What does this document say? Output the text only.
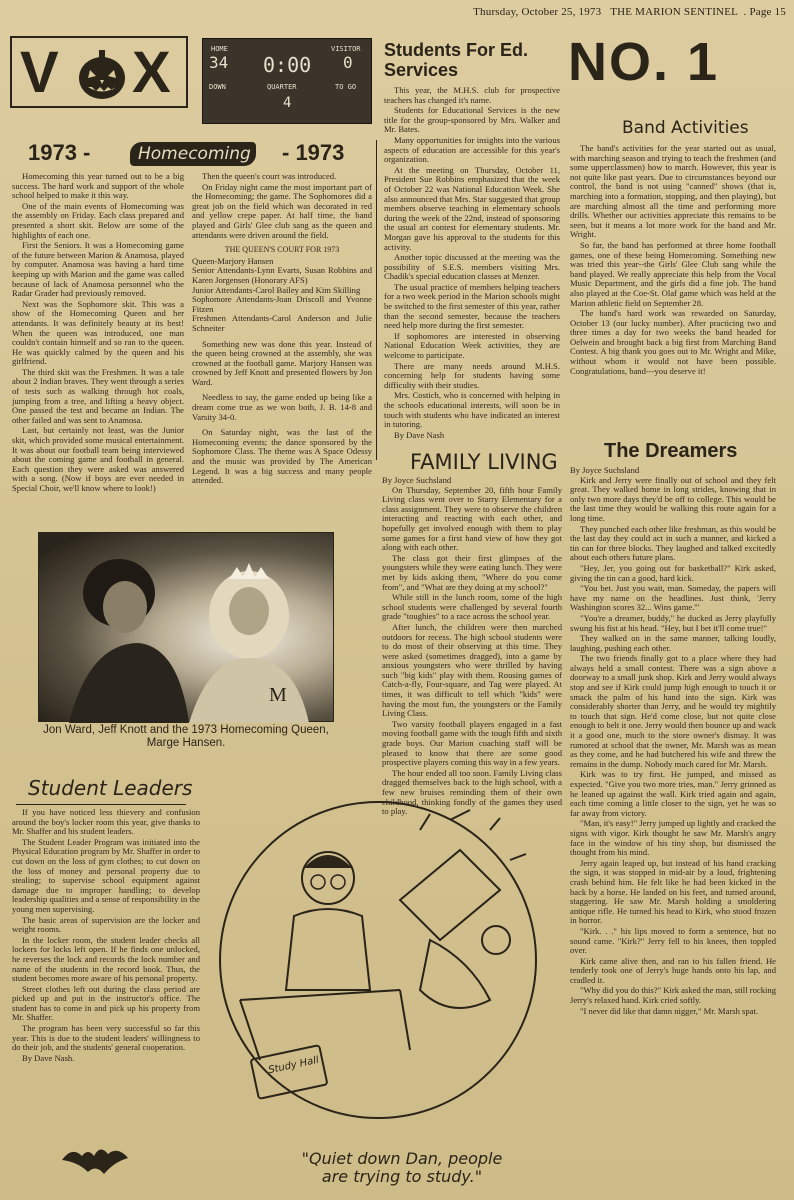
Thursday, October 25, 1973 THE MARION SENTINEL  . Page 15
V X	HOME
34 0:00
VISITOR
0
DOWN	QUARTER	TO GO
4
1973 -	Homecoming - 1973

Homecoming this year turned out to be a big success. The hard work and support of the whole school helped to make it this way.

One of the main events of Homecoming was the assembly on Friday. Each class prepared and presented a short skit. Below are some of the highlights of each one.

First the Seniors. It was a Homecoming game of the future between Marion & Anamosa, played by computer. Anamosa was having a hard time keeping up with Marion and the game was called because of lack of Anamosa personnel who the Radar Grader had previously removed.

Next was the Sophomore skit. This was a show of the Homecoming Queen and her attendants. It was definitely beauty at its best! When the queen was introduced, one man couldn't contain himself and so ran to the queen. He was quickly calmed by the queen and his girlfriend.

The third skit was the Freshmen. It was a tale about 2 Indian braves. They went through a series of tests such as walking through hot coals, jumping from a tree, and lifting a heavy object. One passed the test and became an Indian. The other failed and was sent to Anamosa.

Last, but certainly not least, was the Junior skit, which provided some musical entertainment. It was about our football team being interviewed about the coming game and football in general. Each question they were asked was answered with a song. (Now if boys are ever needed in Special Choir, we'll know where to look!)

Then the queen's court was introduced.

On Friday night came the most important part of the Homecoming; the game. The Sophomores did a great job on the field which was decorated in red and yellow crepe paper. At half time, the band played and Girls' Glee club sang as the queen and attendants were driven around the field.

THE QUEEN'S COURT FOR 1973
Queen-Marjory Hansen
Senior Attendants-Lynn Evarts, Susan Robbins and Karen Jorgensen (Honorary AFS)
Junior Attendants-Carol Bailey and Kim Skilling
Sophomore Attendants-Joan Driscoll and Yvonne Fitzen
Freshmen Attendants-Carol Anderson and Julie Schneiter

Something new was done this year. Instead of the queen being crowned at the assembly, she was crowned at the football game. Marjory Hansen was crowned by Jeff Knott and presented flowers by Jon Ward.

Needless to say, the game ended up being like a dream come true as we won both, J. B. 14-8 and Varsity 34-0.

On Saturday night, was the last of the Homecoming events; the dance sponsored by the Sophomore Class. The theme was A Space Odessy and the music was provided by The American Legend. It was a big success and many people attended.

M
Jon Ward, Jeff Knott and the 1973 Homecoming Queen, Marge Hansen.
Student Leaders

If you have noticed less thievery and confusion around the boy's locker room this year, give thanks to Mr. Shaffer and his student leaders.

The Student Leader Program was initiated into the Physical Education program by Mr. Shaffer in order to cut down on the loss of gym clothes; to cut down on the loss of money and personal property due to stealing; to supervise school equipment against damage due to improper handling; to develop leadership qualities and a sense of responsibility in the young men supervising.

The basic areas of supervision are the locker and weight rooms.

In the locker room, the student leader checks all lockers for locks left open. If he finds one unlocked, he reverses the lock and records the lock number and name of the students in the record book. Thus, the student becomes more aware of his personal property.

Street clothes left out during the class period are picked up and put in the instructor's office. The student has to come in and pick up his property from Mr. Shaffer.

The program has been very successful so far this year. This is due to the student leaders' willingness to do their job, and the students' general cooperation.

By Dave Nash.

Students For Ed. Services

This year, the M.H.S. club for prospective teachers has changed it's name.

Students for Educational Services is the new title for the group-sponsored by Mrs. Walker and Mr. Bates.

Many opportunities for insights into the various aspects of education are accessible for this year's organization.

At the meeting on Thursday, October 11, President Sue Robbins emphasized that the week of October 22 was National Education Week. She also announced that Mrs. Star suggested that group members observe teaching in elementary schools during the week of the 22nd, instead of sponsoring the usual art contest for elementary students. Mr. Morgan gave his approval to the students for this activity.

Another topic discussed at the meeting was the possibility of S.E.S. members visiting Mrs. Chadik's special education classes at Menzer.

The usual practice of members helping teachers for a two week period in the Marion schools might be switched to the first semester of this year, rather than the second semester, because the teachers need help more during the first semester.

If sophomores are interested in observing National Education Week activities, they are welcome to participate.

There are many needs around M.H.S. concerning help for students having some difficulty with their studies.

Mrs. Costich, who is concerned with helping in the schools educational interests, will soon be in touch with students who have indicated an interest in tutoring.

By Dave Nash

FAMILY LIVING
By Joyce Suchsland

On Thursday, September 20, fifth hour Family Living class went over to Starry Elementary for a class assignment. They were to observe the children interacting and reacting with each other, and hopefully get involved enough with them to play some games for a first hand view of how they got along with each other.

The class got their first glimpses of the youngsters while they were eating lunch. They were met by kids asking them, "Where do you come from", and "What are they doing at my school?"

While still in the lunch room, some of the high school students were challenged by several fourth grade "toughies" to a race across the school year.

After lunch, the children were then marched outdoors for recess. The high school students were to do most of their observing at this time. They were asked (sometimes dragged), into a game by anxious youngsters who were thrilled by having such "big kids" play with them. Rousing games of Catch-a-fly, Four-square, and Tag were played. At times, it was difficult to tell which "kids" were having the most fun, the youngsters or the Family Living Class.

Two varsity football players engaged in a fast moving football game with the tough fifth and sixth grade boys. Our Marion coaching staff will be pleased to know that there are some good prospective players coming this way in a few years.

The hour ended all too soon. Family Living class dragged themselves back to the high school, with a few new bruises reminding them of their own childhood, thinking fondly of the games they used to play.

Study Hall
"Quiet down Dan, people
are trying to study."
NO. 1
Band Activities

The band's activities for the year started out as usual, with marching season and trying to teach the freshmen (and some upperclassmen) how to march. However, this year is not quite like past years. Due to circumstances beyond our control, the band is not using "canned" shows (that is, marching into a formation, stopping, and then playing), but are marching almost all the time and performing more drills. Whether our activities appreciate this remains to be seen, but it means a lot more work for the band and Mr. Wright.

So far, the band has performed at three home football games, one of these being Homecoming. Something new was tried this year--the Girls' Glee Club sang while the band played. We really appreciate this help from the Vocal Music Department, and the girls did a fine job. The band also played at the Coe-St. Olaf game which was held at the Marion athletic field on September 28.

The band's hard work was rewarded on Saturday, October 13 (our lucky number). After practicing two and three times a day for two weeks the band headed for Oelwein and brought back a big first from Marching Band Contest. A big thank you goes out to Mr. Wright and Mike, without whom it would not have been possible. Congratulations, band---you deserve it!

The Dreamers
By Joyce Suchsland

Kirk and Jerry were finally out of school and they felt great. They walked home in long strides, knowing that in only two more days they'd be off to college. This would be the last time they would be walking this route again for a long time.

They punched each other like freshman, as this would be the last day they could act in such a manner, and kicked a tin can for three blocks. They laughed and talked excitedly about each others future plans.

"Hey, Jer, you going out for basketball?" Kirk asked, giving the tin can a good, hard kick.

"You bet. Just you wait, man. Someday, the papers will have my name on the headlines. Just think, 'Jerry Washington scores 32... Wins game.'"

"You're a dreamer, buddy," he ducked as Jerry playfully swung his fist at his head. "Hey, but I bet it'll come true!"

They walked on in the same manner, talking loudly, laughing, pushing each other.

The two friends finally got to a place where they had always held a small contest. There was a sign above a doorway to a small junk shop. Kirk and Jerry would always stop and see if Kirk could jump high enough to touch it or smack the palm of his hand into the sign. Kirk was considerably shorter than Jerry, and he would try mightily to touch that sign. He'd come close, but not quite close enough to belt it one. Jerry would then bounce up and wack it a good one, much to the store owner's dismay. It was rumored at school that the owner, Mr. Marsh was as mean as they come, and he had butchered his wife and threw the remains in the dump. Nobody much cared for Mr. Marsh.

Kirk was to try first. He jumped, and missed as expected. "Give you two more tries, man." Jerry grinned as he leaned up against the wall. Kirk tried again and again, each time coming a little closer to the sign, yet he was so far away from victory.

"Man, it's easy!" Jerry jumped up lightly and cracked the signs with vigor. Kirk thought he saw Mr. Marsh's angry face in the window of his tiny shop, but dismissed the thought from his mind.

Jerry again leaped up, but instead of his hand cracking the sign, it was stopped in mid-air by a loud, frightening crash behind him. He felt like he had been kicked in the back by a horse. He landed on his feet, and turned around, staggering. He saw Mr. Marsh holding a smoldering antique rifle. He turned his head to Kirk, who stood frozen in horror.

"Kirk. . ." his lips moved to form a sentence, but no sound came. "Kirk?" Jerry fell to his knees, then toppled over.

Kirk came alive then, and ran to his fallen friend. He tenderly took one of Jerry's huge hands onto his lap, and cradled it.

"Why did you do this?" Kirk asked the man, still rocking Jerry's relaxed hand. Kirk cried softly.

"I never did like that damn nigger," Mr. Marsh spat.
